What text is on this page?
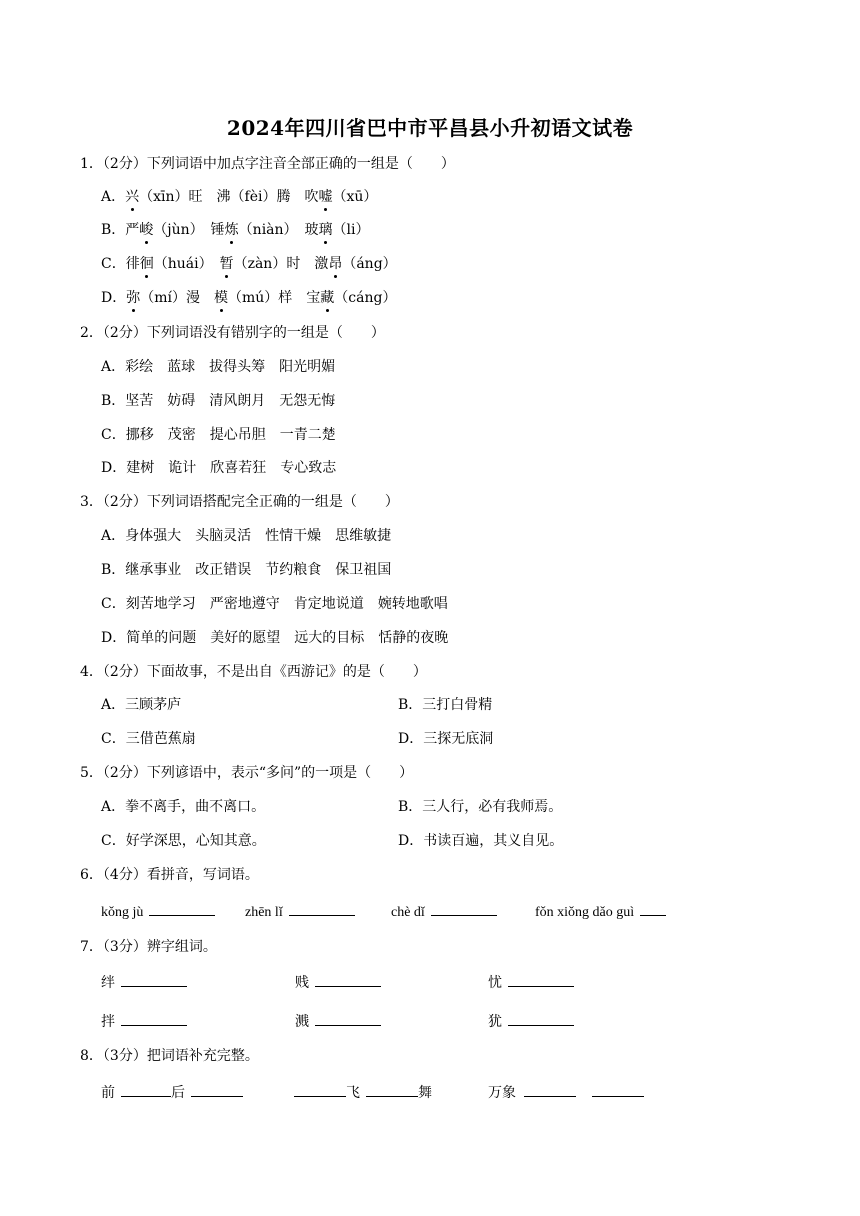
2024年四川省巴中市平昌县小升初语文试卷
1．（2分）下列词语中加点字注音全部正确的一组是（　　）
A．兴（xīn）旺　沸（fèi）腾　吹嘘（xū）
B．严峻（jùn）　锤炼（niàn）　玻璃（li）
C．徘徊（huái）　暂（zàn）时　激昂（áng）
D．弥（mí）漫　模（mú）样　宝藏（cáng）
2．（2分）下列词语没有错别字的一组是（　　）
A．彩绘　蓝球　拔得头筹　阳光明媚
B．坚苦　妨碍　清风朗月　无怨无悔
C．挪移　茂密　提心吊胆　一青二楚
D．建树　诡计　欣喜若狂　专心致志
3．（2分）下列词语搭配完全正确的一组是（　　）
A．身体强大　头脑灵活　性情干燥　思维敏捷
B．继承事业　改正错误　节约粮食　保卫祖国
C．刻苦地学习　严密地遵守　肯定地说道　婉转地歌唱
D．简单的问题　美好的愿望　远大的目标　恬静的夜晚
4．（2分）下面故事，不是出自《西游记》的是（　　）
A．三顾茅庐	B．三打白骨精
C．三借芭蕉扇	D．三探无底洞
5．（2分）下列谚语中，表示“多问”的一项是（　　）
A．拳不离手，曲不离口。	B．三人行，必有我师焉。
C．好学深思，心知其意。	D．书读百遍，其义自见。
6．（4分）看拼音，写词语。
kǒng jù	zhēn lǐ	chè dǐ	fǒn xiǒng dǎo guì
7．（3分）辨字组词。
绊	贱	忧
拌	溅	犹
8．（3分）把词语补充完整。
前	后	飞	舞	万象
